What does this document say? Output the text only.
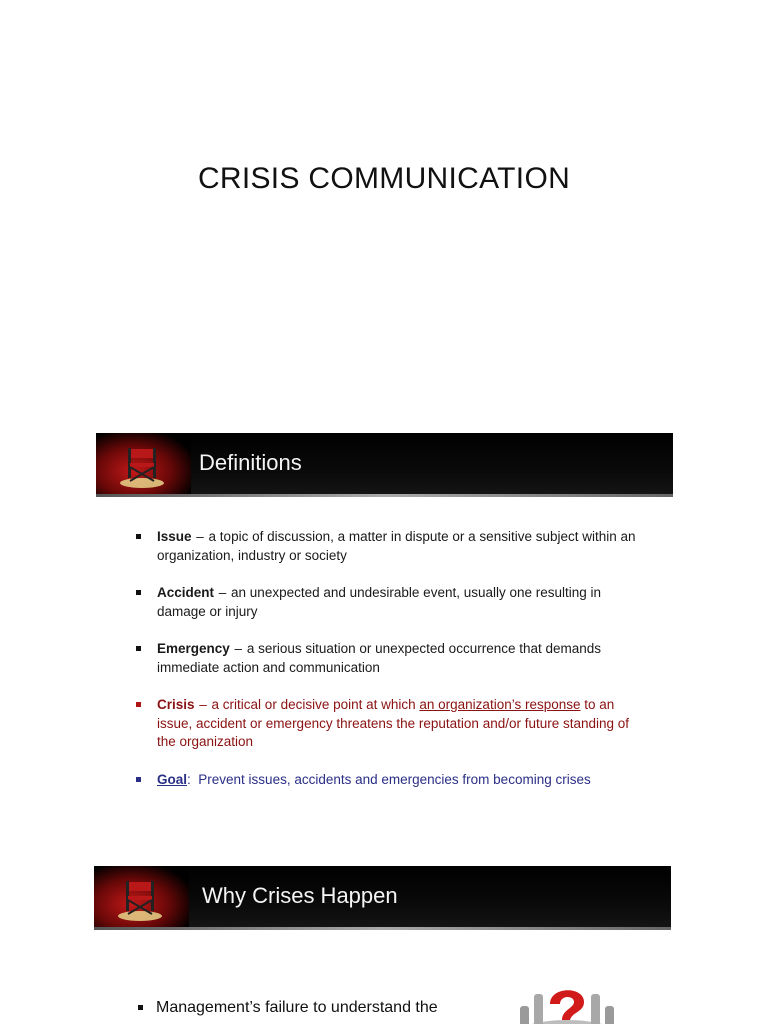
CRISIS COMMUNICATION
Definitions
Issue – a topic of discussion, a matter in dispute or a sensitive subject within an organization, industry or society
Accident – an unexpected and undesirable event, usually one resulting in damage or injury
Emergency – a serious situation or unexpected occurrence that demands immediate action and communication
Crisis – a critical or decisive point at which an organization’s response to an issue, accident or emergency threatens the reputation and/or future standing of the organization
Goal:  Prevent issues, accidents and emergencies from becoming crises
Why Crises Happen
Management’s failure to understand the
